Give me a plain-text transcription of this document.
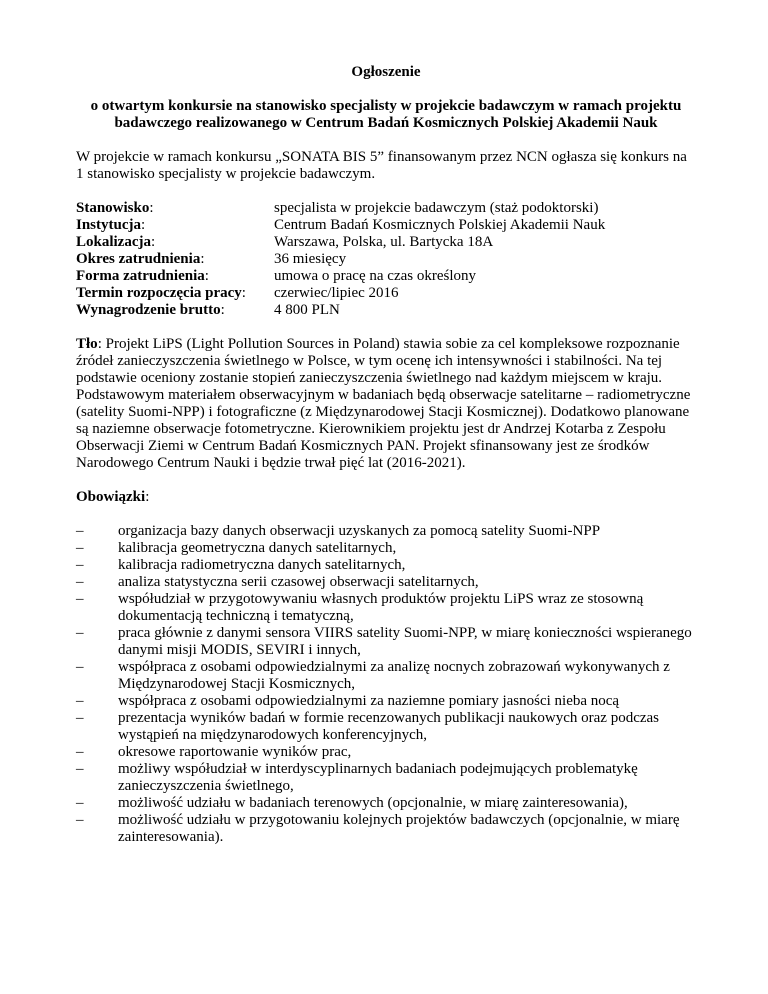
Ogłoszenie

o otwartym konkursie na stanowisko specjalisty w projekcie badawczym w ramach projektu badawczego realizowanego w Centrum Badań Kosmicznych Polskiej Akademii Nauk

W projekcie w ramach konkursu „SONATA BIS 5” finansowanym przez NCN ogłasza się konkurs na 1 stanowisko specjalisty w projekcie badawczym.

Stanowisko:	specjalista w projekcie badawczym (staż podoktorski)
Instytucja:	Centrum Badań Kosmicznych Polskiej Akademii Nauk
Lokalizacja:	Warszawa, Polska, ul. Bartycka 18A
Okres zatrudnienia:	36 miesięcy
Forma zatrudnienia:	umowa o pracę na czas określony
Termin rozpoczęcia pracy:	czerwiec/lipiec 2016
Wynagrodzenie brutto:	4 800 PLN

Tło: Projekt LiPS (Light Pollution Sources in Poland) stawia sobie za cel kompleksowe rozpoznanie źródeł zanieczyszczenia świetlnego w Polsce, w tym ocenę ich intensywności i stabilności. Na tej podstawie oceniony zostanie stopień zanieczyszczenia świetlnego nad każdym miejscem w kraju. Podstawowym materiałem obserwacyjnym w badaniach będą obserwacje satelitarne – radiometryczne (satelity Suomi-NPP) i fotograficzne (z Międzynarodowej Stacji Kosmicznej). Dodatkowo planowane są naziemne obserwacje fotometryczne. Kierownikiem projektu jest dr Andrzej Kotarba z Zespołu Obserwacji Ziemi w Centrum Badań Kosmicznych PAN. Projekt sfinansowany jest ze środków Narodowego Centrum Nauki i będzie trwał pięć lat (2016-2021).

Obowiązki:

– organizacja bazy danych obserwacji uzyskanych za pomocą satelity Suomi-NPP
– kalibracja geometryczna danych satelitarnych,
– kalibracja radiometryczna danych satelitarnych,
– analiza statystyczna serii czasowej obserwacji satelitarnych,
– współudział w przygotowywaniu własnych produktów projektu LiPS wraz ze stosowną dokumentacją techniczną i tematyczną,
– praca głównie z danymi sensora VIIRS satelity Suomi-NPP, w miarę konieczności wspieranego danymi misji MODIS, SEVIRI i innych,
– współpraca z osobami odpowiedzialnymi za analizę nocnych zobrazowań wykonywanych z Międzynarodowej Stacji Kosmicznych,
– współpraca z osobami odpowiedzialnymi za naziemne pomiary jasności nieba nocą
– prezentacja wyników badań w formie recenzowanych publikacji naukowych oraz podczas wystąpień na międzynarodowych konferencyjnych,
– okresowe raportowanie wyników prac,
– możliwy współudział w interdyscyplinarnych badaniach podejmujących problematykę zanieczyszczenia świetlnego,
– możliwość udziału w badaniach terenowych (opcjonalnie, w miarę zainteresowania),
– możliwość udziału w przygotowaniu kolejnych projektów badawczych (opcjonalnie, w miarę zainteresowania).
